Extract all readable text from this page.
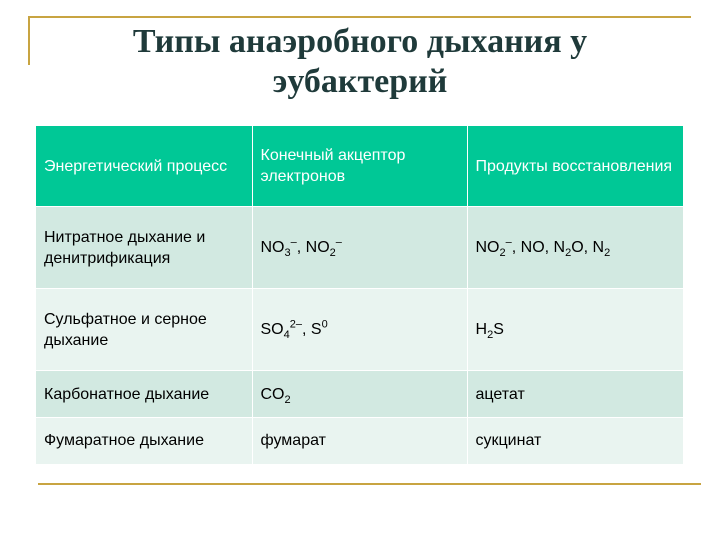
Типы анаэробного дыхания у эубактерий
Энергетический процесс	Конечный акцептор электронов	Продукты восстановления
Нитратное дыхание и денитрификация	$NO_3^-$, $NO_2^-$	$NO_2^-$, NO, $N_2O$, $N_2$
Сульфатное и серное дыхание	$SO_4^{2-}$, $S^0$	$H_2S$
Карбонатное дыхание	$CO_2$	ацетат
Фумаратное дыхание	фумарат	сукцинат
